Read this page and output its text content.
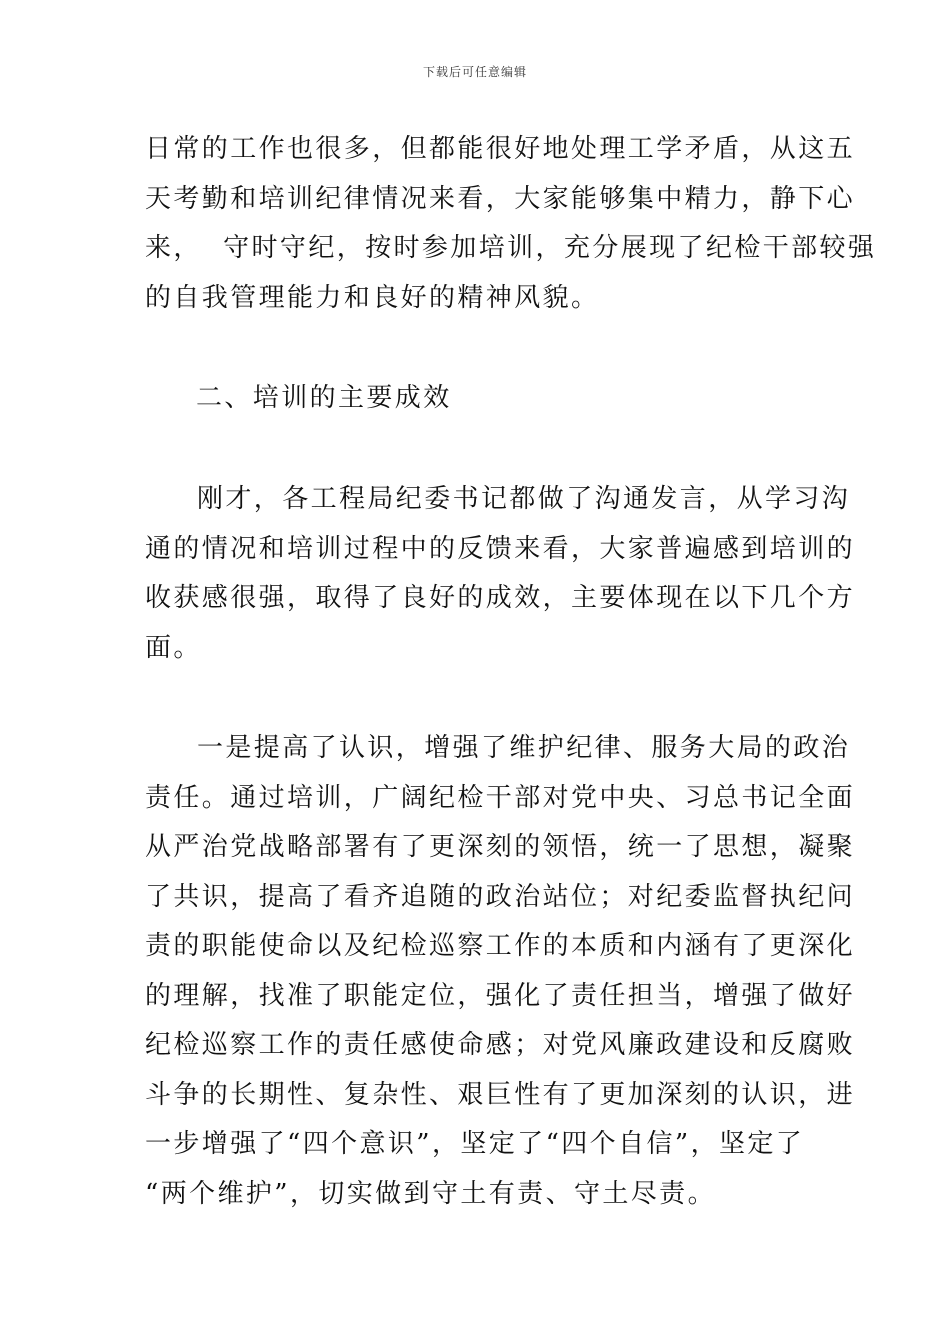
下载后可任意编辑
日常的工作也很多，但都能很好地处理工学矛盾，从这五
天考勤和培训纪律情况来看，大家能够集中精力，静下心
来，  守时守纪，按时参加培训，充分展现了纪检干部较强
的自我管理能力和良好的精神风貌。
二、培训的主要成效
刚才，各工程局纪委书记都做了沟通发言，从学习沟
通的情况和培训过程中的反馈来看，大家普遍感到培训的
收获感很强，取得了良好的成效，主要体现在以下几个方
面。
一是提高了认识，增强了维护纪律、服务大局的政治
责任。通过培训，广阔纪检干部对党中央、习总书记全面
从严治党战略部署有了更深刻的领悟，统一了思想，凝聚
了共识，提高了看齐追随的政治站位；对纪委监督执纪问
责的职能使命以及纪检巡察工作的本质和内涵有了更深化
的理解，找准了职能定位，强化了责任担当，增强了做好
纪检巡察工作的责任感使命感；对党风廉政建设和反腐败
斗争的长期性、复杂性、艰巨性有了更加深刻的认识，进
一步增强了“四个意识”，坚定了“四个自信”，坚定了
“两个维护”，切实做到守土有责、守土尽责。
